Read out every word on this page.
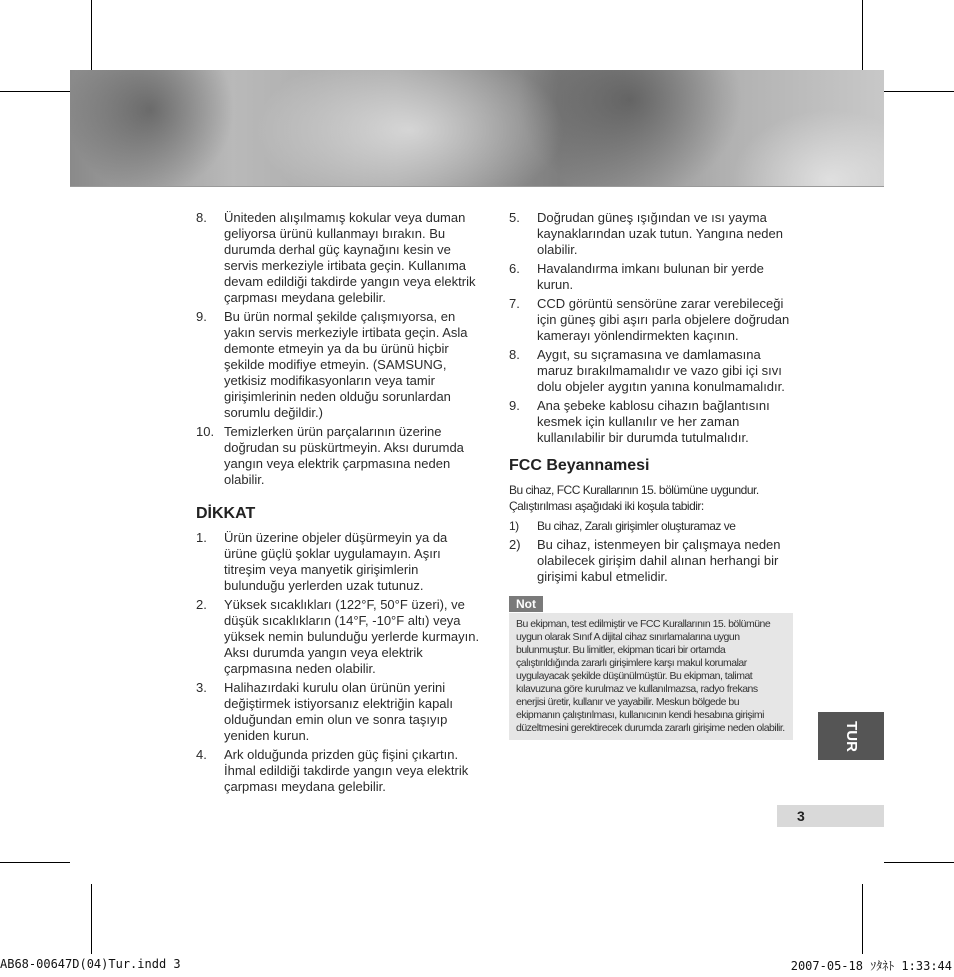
8. Üniteden alışılmamış kokular veya duman geliyorsa ürünü kullanmayı bırakın. Bu durumda derhal güç kaynağını kesin ve servis merkeziyle irtibata geçin. Kullanıma devam edildiği takdirde yangın veya elektrik çarpması meydana gelebilir.
9. Bu ürün normal şekilde çalışmıyorsa, en yakın servis merkeziyle irtibata geçin. Asla demonte etmeyin ya da bu ürünü hiçbir şekilde modifiye etmeyin. (SAMSUNG, yetkisiz modifikasyonların veya tamir girişimlerinin neden olduğu sorunlardan sorumlu değildir.)
10. Temizlerken ürün parçalarının üzerine doğrudan su püskürtmeyin. Aksı durumda yangın veya elektrik çarpmasına neden olabilir.
DİKKAT
1. Ürün üzerine objeler düşürmeyin ya da ürüne güçlü şoklar uygulamayın. Aşırı titreşim veya manyetik girişimlerin bulunduğu yerlerden uzak tutunuz.
2. Yüksek sıcaklıkları (122°F, 50°F üzeri), ve düşük sıcaklıkların (14°F, -10°F altı) veya yüksek nemin bulunduğu yerlerde kurmayın. Aksı durumda yangın veya elektrik çarpmasına neden olabilir.
3. Halihazırdaki kurulu olan ürünün yerini değiştirmek istiyorsanız elektriğin kapalı olduğundan emin olun ve sonra taşıyıp yeniden kurun.
4. Ark olduğunda prizden güç fişini çıkartın. İhmal edildiği takdirde yangın veya elektrik çarpması meydana gelebilir.
5. Doğrudan güneş ışığından ve ısı yayma kaynaklarından uzak tutun. Yangına neden olabilir.
6. Havalandırma imkanı bulunan bir yerde kurun.
7. CCD görüntü sensörüne zarar verebileceği için güneş gibi aşırı parla objelere doğrudan kamerayı yönlendirmekten kaçının.
8. Aygıt, su sıçramasına ve damlamasına maruz bırakılmamalıdır ve vazo gibi içi sıvı dolu objeler aygıtın yanına konulmamalıdır.
9. Ana şebeke kablosu cihazın bağlantısını kesmek için kullanılır ve her zaman kullanılabilir bir durumda tutulmalıdır.
FCC Beyannamesi
Bu cihaz, FCC Kurallarının 15. bölümüne uygundur. Çalıştırılması aşağıdaki iki koşula tabidir:
1) Bu cihaz, Zaralı girişimler oluşturamaz ve
2) Bu cihaz, istenmeyen bir çalışmaya neden olabilecek girişim dahil alınan herhangi bir girişimi kabul etmelidir.
Not
Bu ekipman, test edilmiştir ve FCC Kurallarının 15. bölümüne uygun olarak Sınıf A dijital cihaz sınırlamalarına uygun bulunmuştur. Bu limitler, ekipman ticari bir ortamda çalıştırıldığında zararlı girişimlere karşı makul korumalar uygulayacak şekilde düşünülmüştür. Bu ekipman, talimat kılavuzuna göre kurulmaz ve kullanılmazsa, radyo frekans enerjisi üretir, kullanır ve yayabilir. Meskun bölgede bu ekipmanın çalıştırılması, kullanıcının kendi hesabına girişimi düzeltmesini gerektirecek durumda zararlı girişime neden olabilir.	TUR
3
AB68-00647D(04)Tur.indd 3	2007-05-18 ｿﾀﾈﾄ 1:33:44
